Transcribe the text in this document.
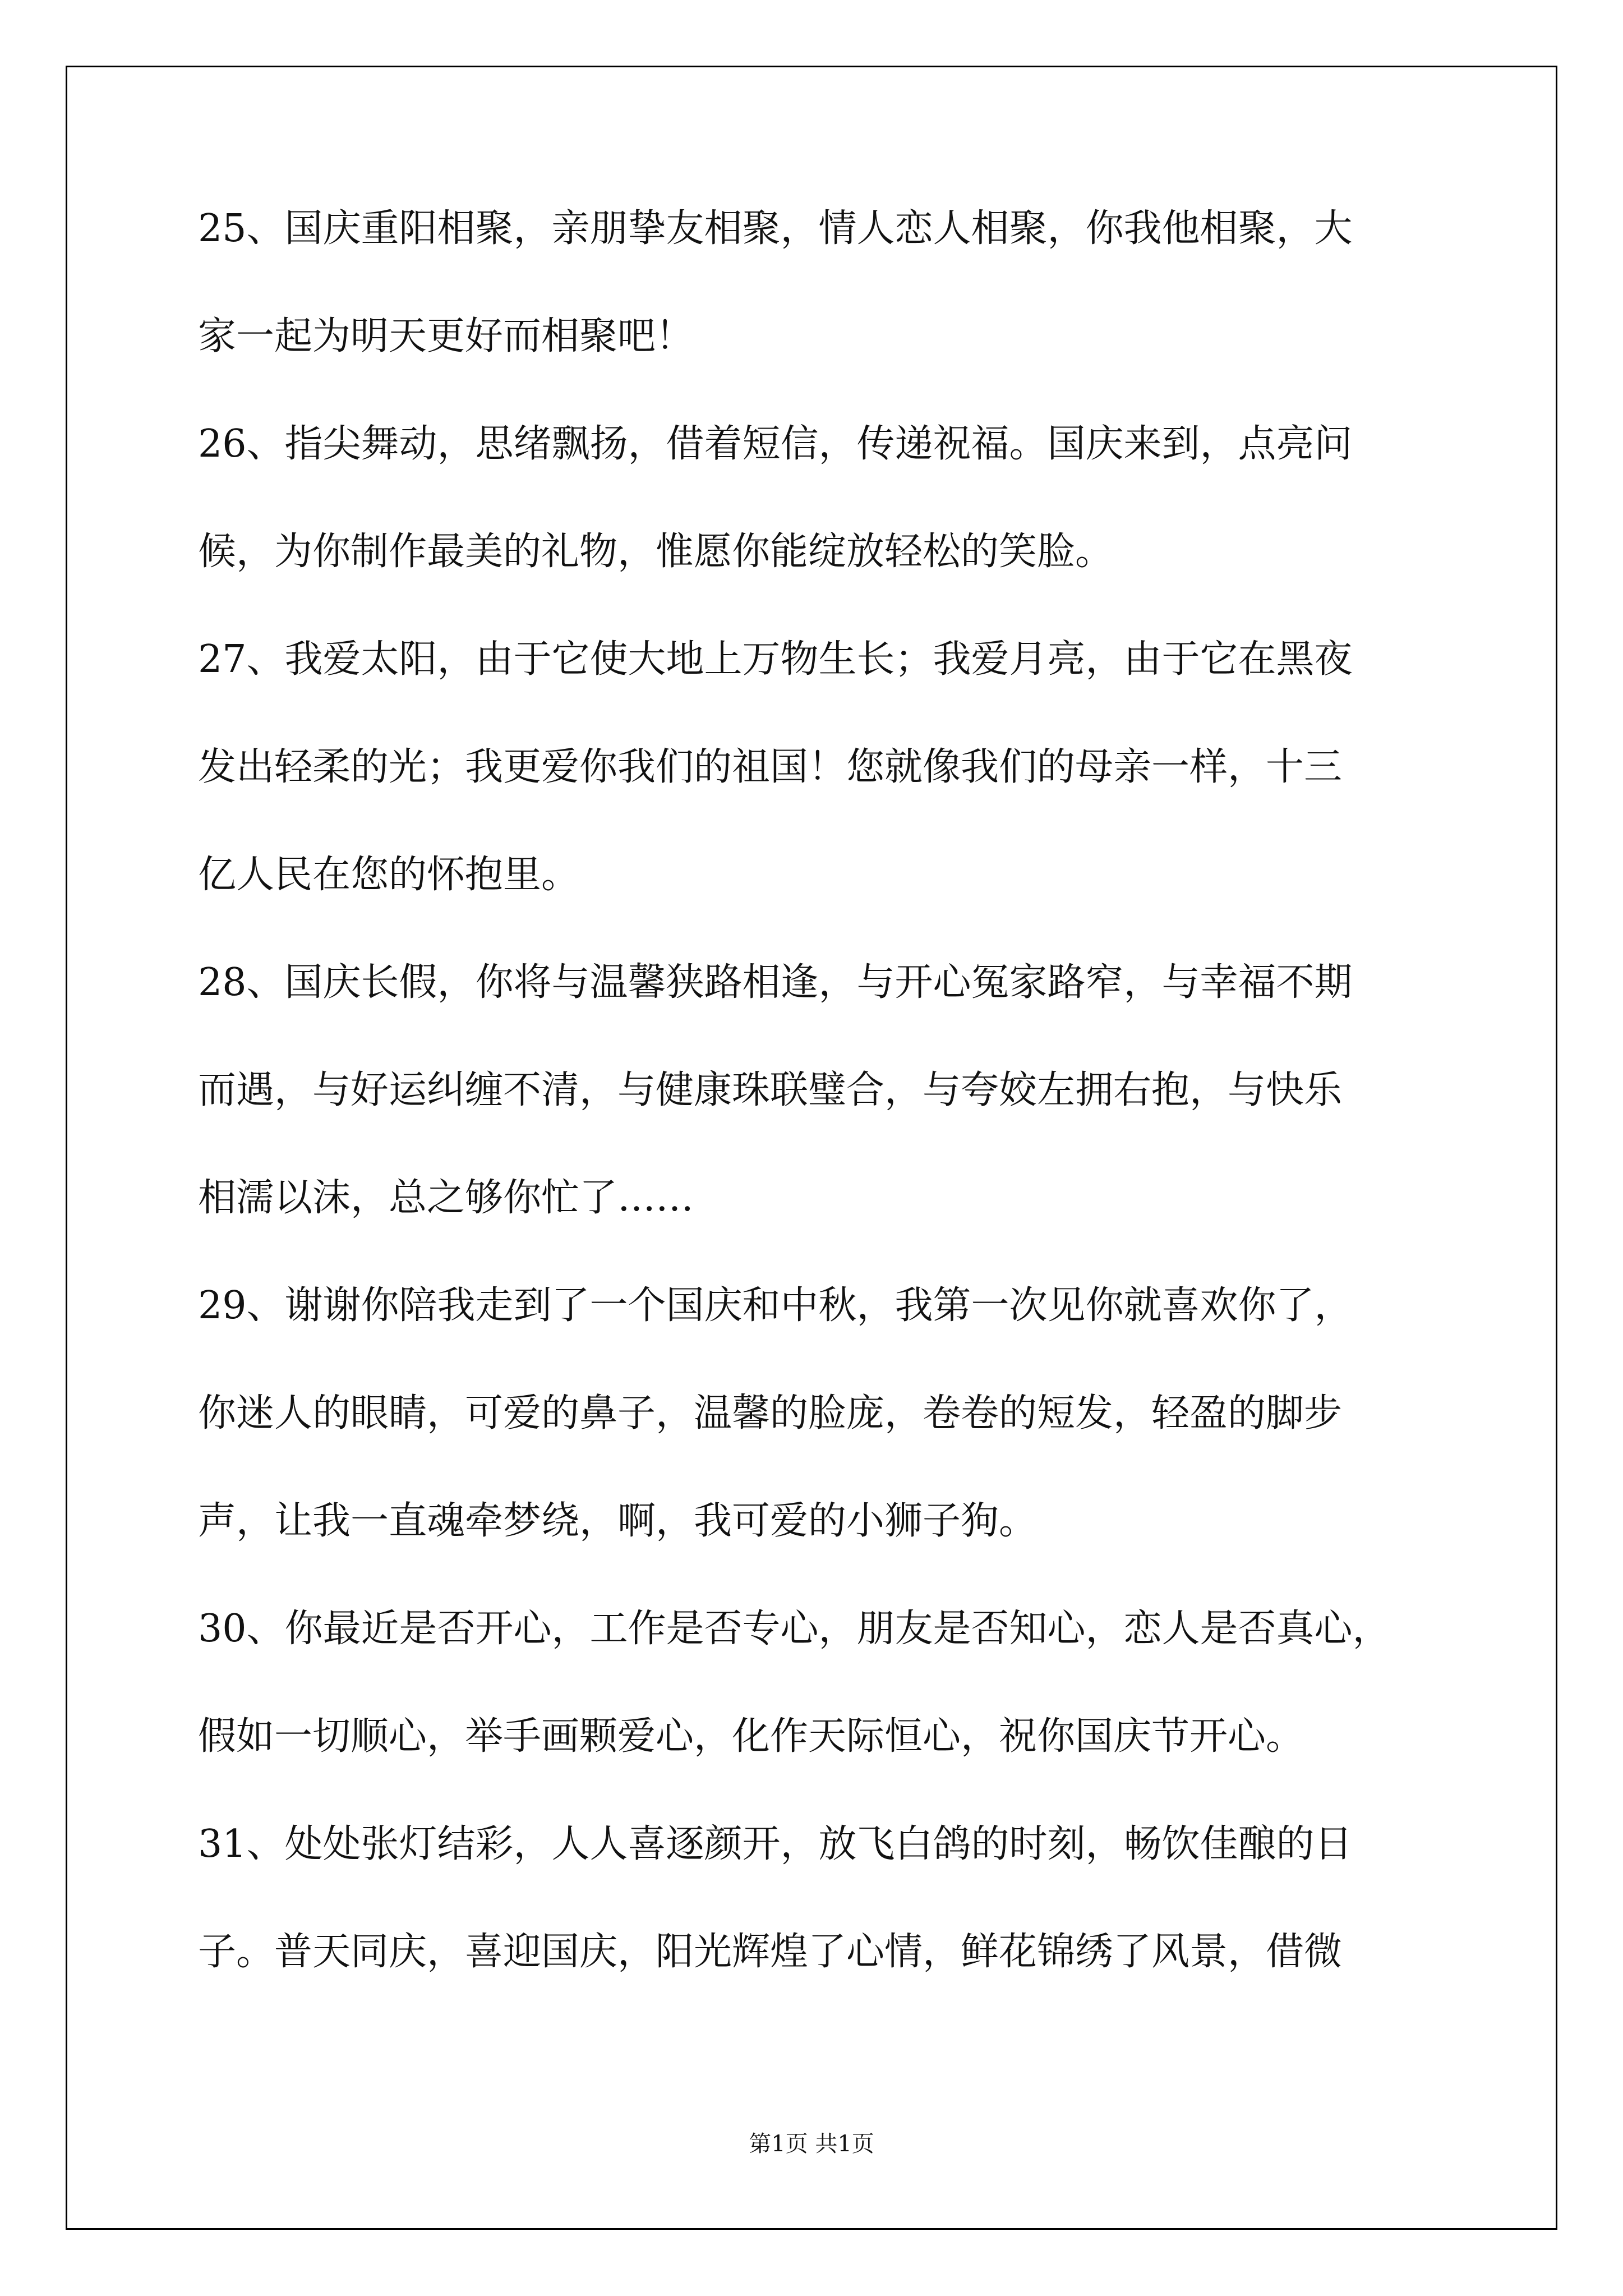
25、国庆重阳相聚，亲朋挚友相聚，情人恋人相聚，你我他相聚，大
家一起为明天更好而相聚吧！
26、指尖舞动，思绪飘扬，借着短信，传递祝福。国庆来到，点亮问
候，为你制作最美的礼物，惟愿你能绽放轻松的笑脸。
27、我爱太阳，由于它使大地上万物生长；我爱月亮，由于它在黑夜
发出轻柔的光；我更爱你我们的祖国！您就像我们的母亲一样，十三
亿人民在您的怀抱里。
28、国庆长假，你将与温馨狭路相逢，与开心冤家路窄，与幸福不期
而遇，与好运纠缠不清，与健康珠联璧合，与夸姣左拥右抱，与快乐
相濡以沫，总之够你忙了……
29、谢谢你陪我走到了一个国庆和中秋，我第一次见你就喜欢你了，
你迷人的眼睛，可爱的鼻子，温馨的脸庞，卷卷的短发，轻盈的脚步
声，让我一直魂牵梦绕，啊，我可爱的小狮子狗。
30、你最近是否开心，工作是否专心，朋友是否知心，恋人是否真心，
假如一切顺心，举手画颗爱心，化作天际恒心，祝你国庆节开心。
31、处处张灯结彩，人人喜逐颜开，放飞白鸽的时刻，畅饮佳酿的日
子。普天同庆，喜迎国庆，阳光辉煌了心情，鲜花锦绣了风景，借微
第1页 共1页
